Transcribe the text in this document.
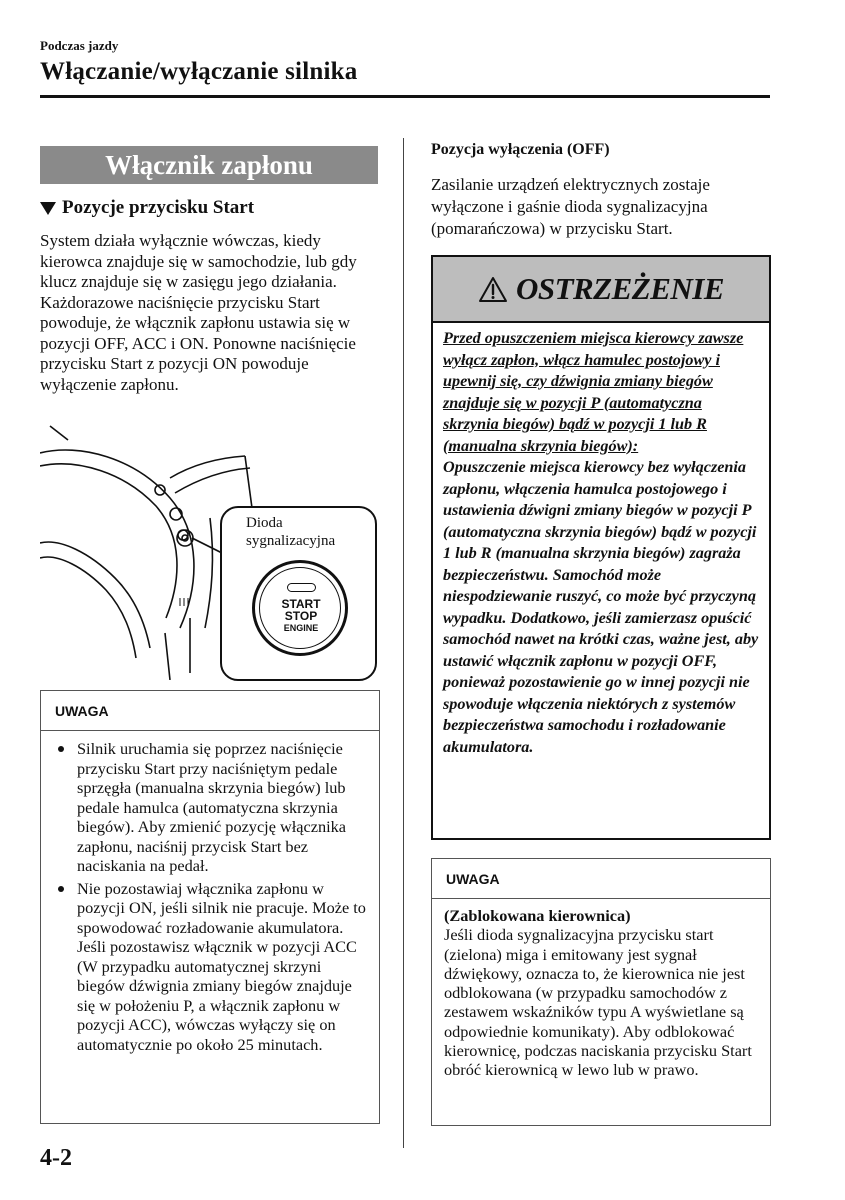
Podczas jazdy
Włączanie/wyłączanie silnika
Włącznik zapłonu
Pozycje przycisku Start

System działa wyłącznie wówczas, kiedy kierowca znajduje się w samochodzie, lub gdy klucz znajduje się w zasięgu jego działania.

Każdorazowe naciśnięcie przycisku Start powoduje, że włącznik zapłonu ustawia się w pozycji OFF, ACC i ON. Ponowne naciśnięcie przycisku Start z pozycji ON powoduje wyłączenie zapłonu.

Dioda sygnalizacyjna
START
STOP
ENGINE
UWAGA
Silnik uruchamia się poprzez naciśnięcie przycisku Start przy naciśniętym pedale sprzęgła (manualna skrzynia biegów) lub pedale hamulca (automatyczna skrzynia biegów). Aby zmienić pozycję włącznika zapłonu, naciśnij przycisk Start bez naciskania na pedał.
Nie pozostawiaj włącznika zapłonu w pozycji ON, jeśli silnik nie pracuje. Może to spowodować rozładowanie akumulatora. Jeśli pozostawisz włącznik w pozycji ACC (W przypadku automatycznej skrzyni biegów dźwignia zmiany biegów znajduje się w położeniu P, a włącznik zapłonu w pozycji ACC), wówczas wyłączy się on automatycznie po około 25 minutach.
Pozycja wyłączenia (OFF)
Zasilanie urządzeń elektrycznych zostaje wyłączone i gaśnie dioda sygnalizacyjna (pomarańczowa) w przycisku Start.
OSTRZEŻENIE
Przed opuszczeniem miejsca kierowcy zawsze wyłącz zapłon, włącz hamulec postojowy i upewnij się, czy dźwignia zmiany biegów znajduje się w pozycji P (automatyczna skrzynia biegów) bądź w pozycji 1 lub R (manualna skrzynia biegów):
Opuszczenie miejsca kierowcy bez wyłączenia zapłonu, włączenia hamulca postojowego i ustawienia dźwigni zmiany biegów w pozycji P (automatyczna skrzynia biegów) bądź w pozycji 1 lub R (manualna skrzynia biegów) zagraża bezpieczeństwu. Samochód może niespodziewanie ruszyć, co może być przyczyną wypadku. Dodatkowo, jeśli zamierzasz opuścić samochód nawet na krótki czas, ważne jest, aby ustawić włącznik zapłonu w pozycji OFF, ponieważ pozostawienie go w innej pozycji nie spowoduje włączenia niektórych z systemów bezpieczeństwa samochodu i rozładowanie akumulatora.
UWAGA
(Zablokowana kierownica)
Jeśli dioda sygnalizacyjna przycisku start (zielona) miga i emitowany jest sygnał dźwiękowy, oznacza to, że kierownica nie jest odblokowana (w przypadku samochodów z zestawem wskaźników typu A wyświetlane są odpowiednie komunikaty). Aby odblokować kierownicę, podczas naciskania przycisku Start obróć kierownicą w lewo lub w prawo.
4-2
